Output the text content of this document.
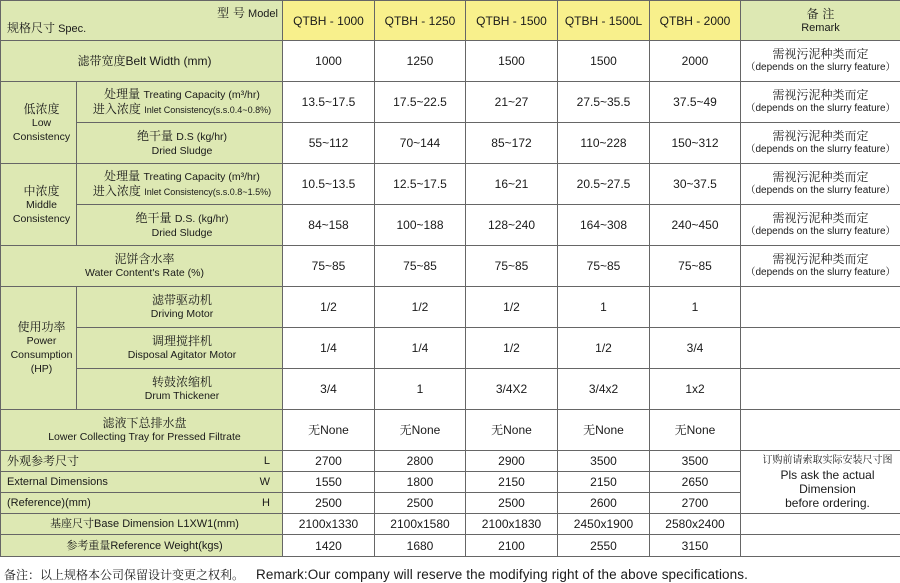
型 号 Model
规格尺寸 Spec.		QTBH - 1000	QTBH - 1250	QTBH - 1500	QTBH - 1500L	QTBH - 2000	备 注
Remark

滤带宽度Belt Width (mm)		1000	1250	1500	1500	2000	需视污泥种类而定
（depends on the slurry feature）

低浓度
Low Consistency	处理量 Treating Capacity (m³/hr)
进入浓度 Inlet Consistency(s.s.0.4~0.8%)	13.5~17.5	17.5~22.5	21~27	27.5~35.5	37.5~49	需视污泥种类而定
（depends on the slurry feature）

	绝干量 D.S (kg/hr)
Dried Sludge	55~112	70~144	85~172	110~228	150~312	需视污泥种类而定
（depends on the slurry feature）

中浓度
Middle Consistency	处理量 Treating Capacity (m³/hr)
进入浓度 Inlet Consistency(s.s.0.8~1.5%)	10.5~13.5	12.5~17.5	16~21	20.5~27.5	30~37.5	需视污泥种类而定
（depends on the slurry feature）

	绝干量 D.S. (kg/hr)
Dried Sludge	84~158	100~188	128~240	164~308	240~450	需视污泥种类而定
（depends on the slurry feature）

泥饼含水率
Water Content's Rate (%)		75~85	75~85	75~85	75~85	75~85	需视污泥种类而定
（depends on the slurry feature）

使用功率
Power Consumption (HP)	滤带驱动机
Driving Motor	1/2	1/2	1/2	1	1	

	调理搅拌机
Disposal Agitator Motor	1/4	1/4	1/2	1/2	3/4	

	转鼓浓缩机
Drum Thickener	3/4	1	3/4X2	3/4x2	1x2	

滤液下总排水盘
Lower Collecting Tray for Pressed Filtrate		无None	无None	无None	无None	无None	

外观参考尺寸 L		2700	2800	2900	3500	3500	订购前请索取实际安装尺寸图
Pls ask the actual Dimension
before ordering.

External Dimensions W		1550	1800	2150	2150	2650	

(Reference)(mm) H		2500	2500	2500	2600	2700	
基座尺寸Base Dimension L1XW1(mm)		2100x1330	2100x1580	2100x1830	2450x1900	2580x2400	
参考重量Reference Weight(kgs)		1420	1680	2100	2550	3150	
备注：以上规格本公司保留设计变更之权利。 Remark:Our company will reserve the modifying right of the above specifications.
